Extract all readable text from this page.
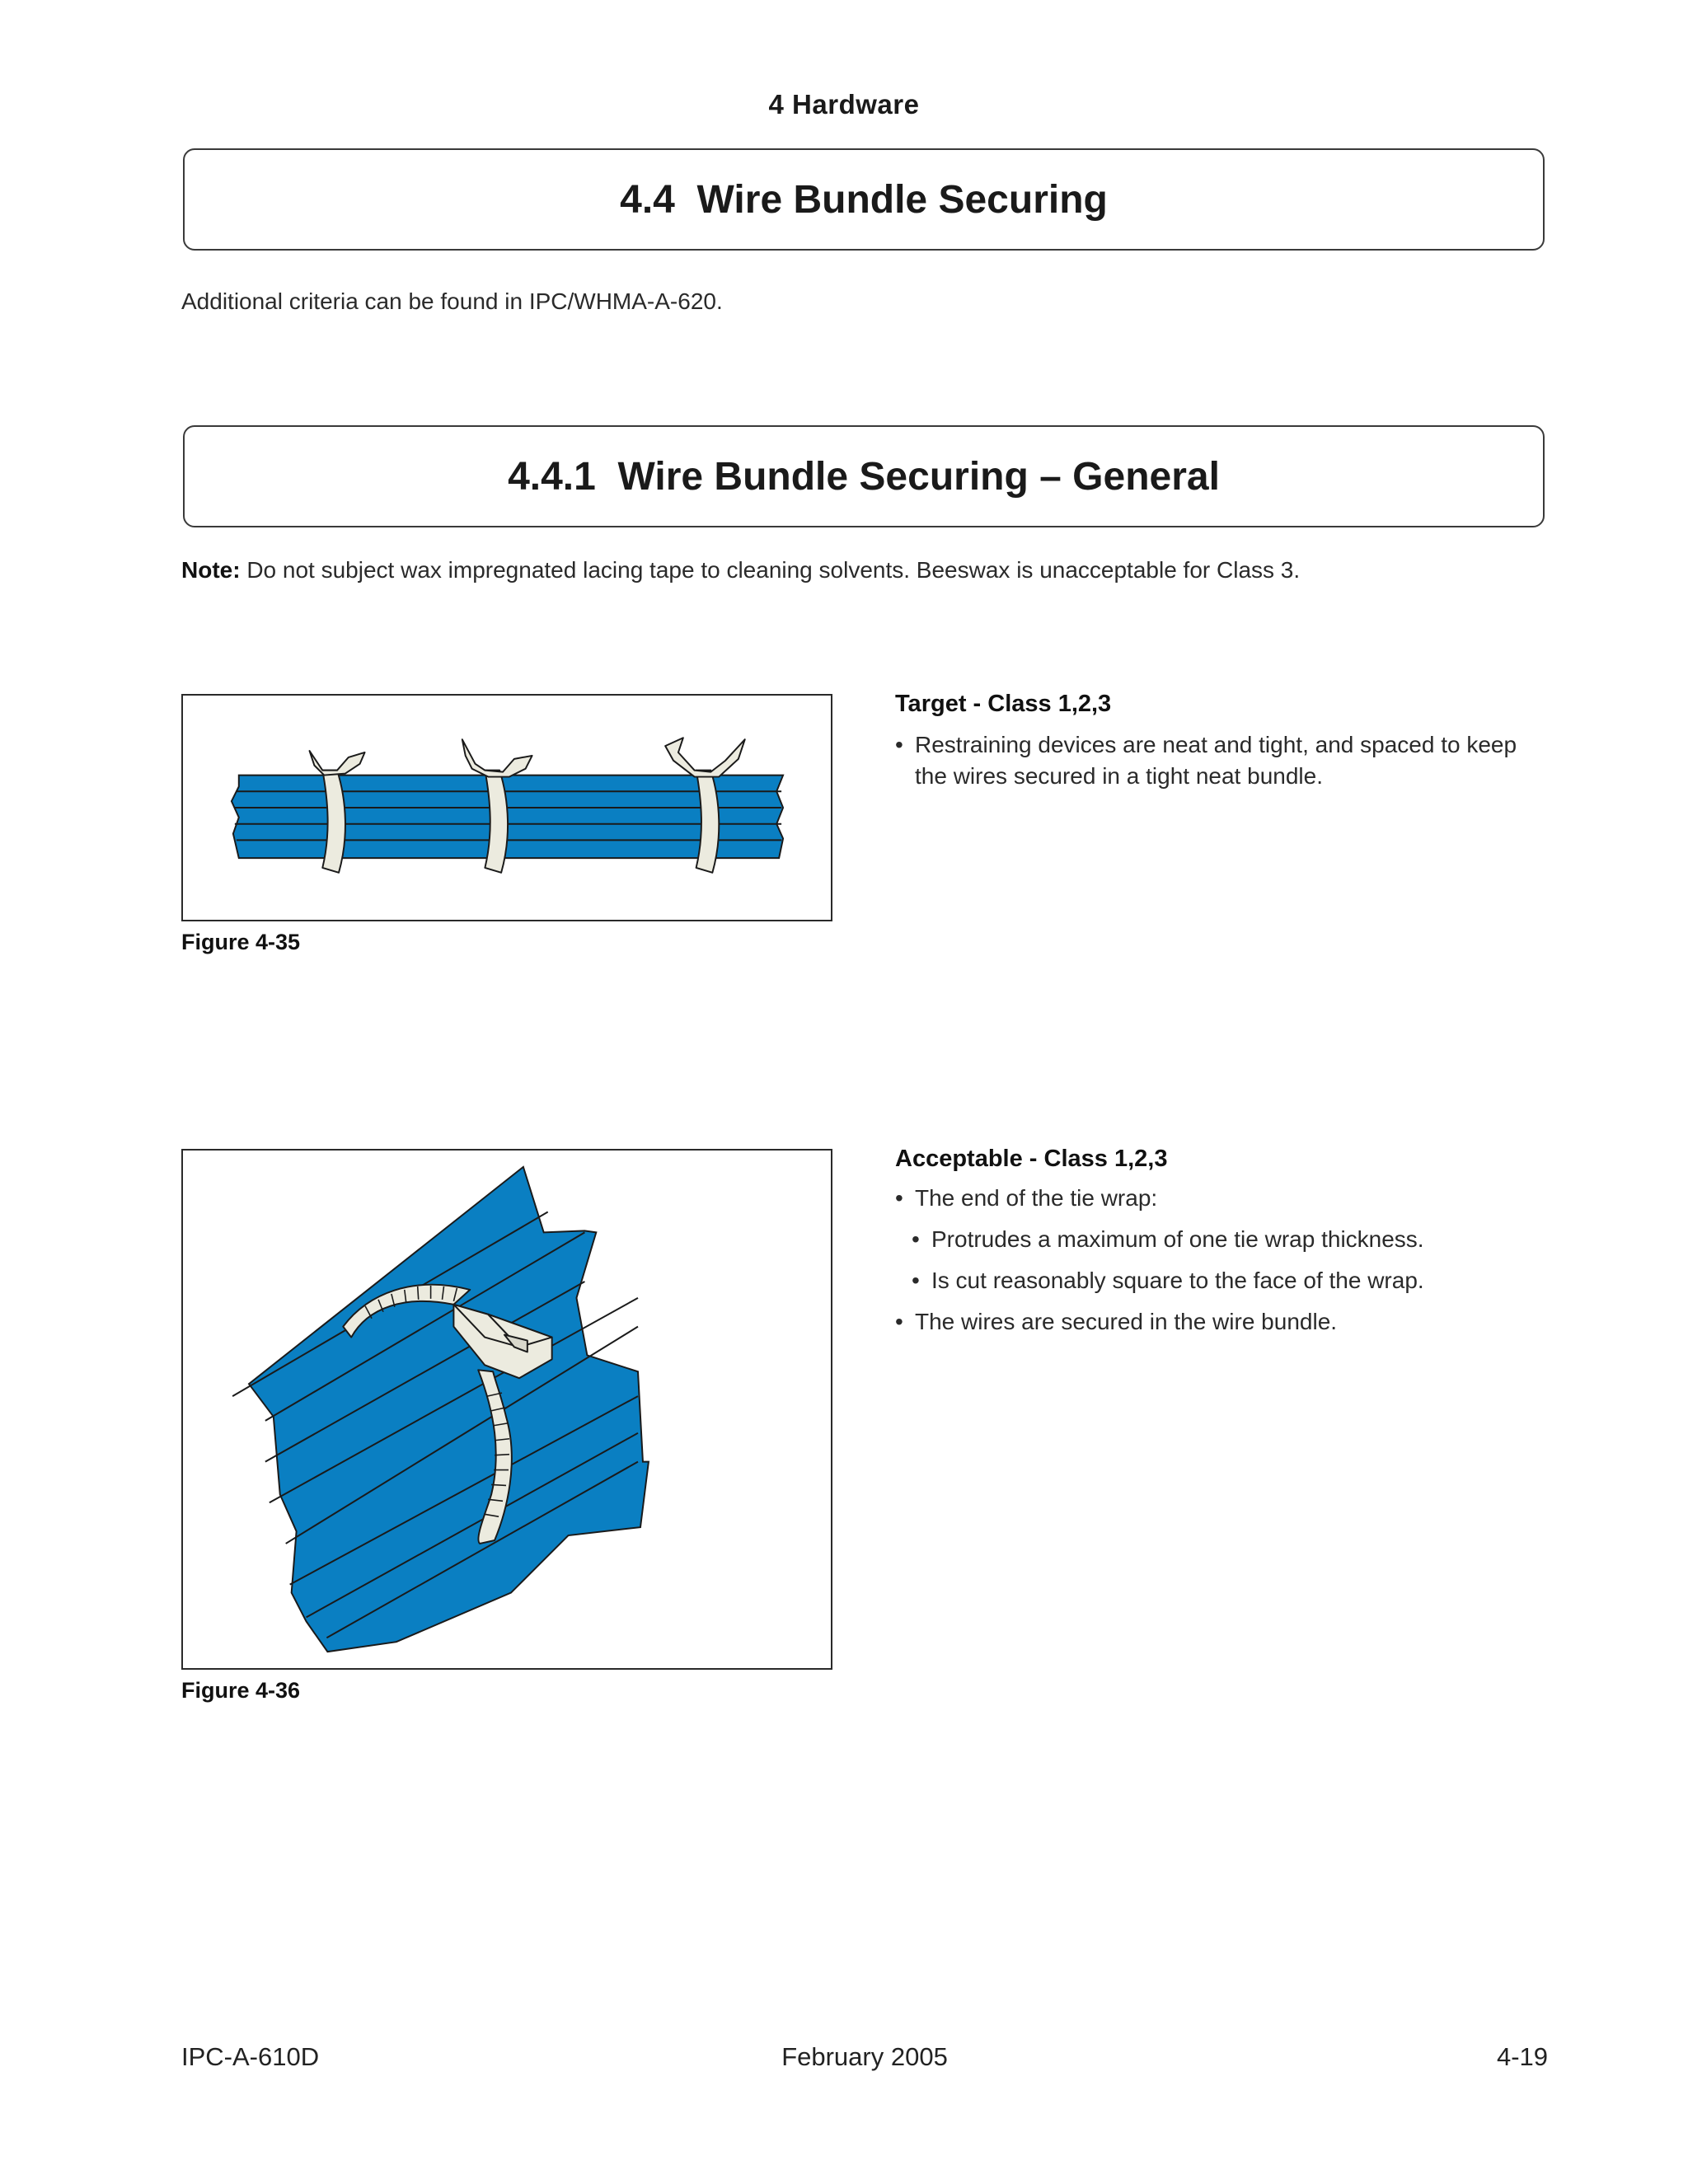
4 Hardware
4.4  Wire Bundle Securing
Additional criteria can be found in IPC/WHMA-A-620.
4.4.1  Wire Bundle Securing – General
Note: Do not subject wax impregnated lacing tape to cleaning solvents. Beeswax is unacceptable for Class 3.
Figure 4-35
Target - Class 1,2,3
• Restraining devices are neat and tight, and spaced to keep the wires secured in a tight neat bundle.
Figure 4-36
Acceptable - Class 1,2,3
• The end of the tie wrap:
• Protrudes a maximum of one tie wrap thickness.
• Is cut reasonably square to the face of the wrap.
• The wires are secured in the wire bundle.
IPC-A-610D	February 2005	4-19
